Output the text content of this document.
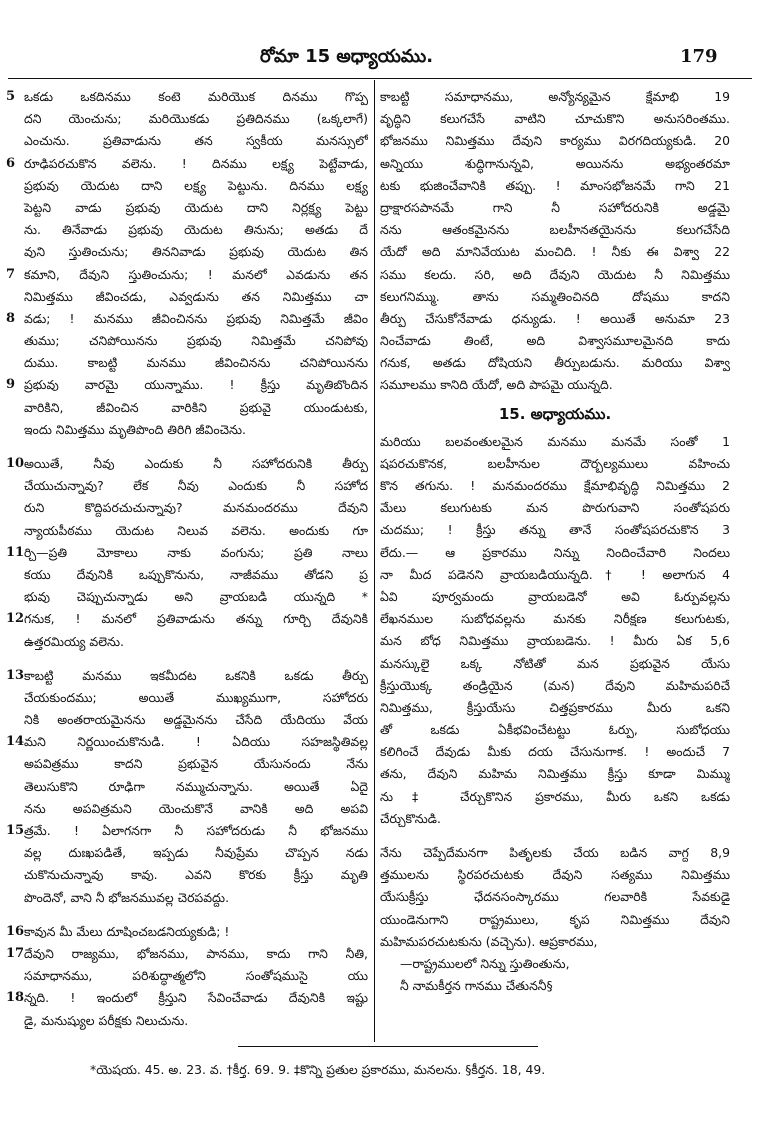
రోమా 15 అధ్యాయము.	179
5 ఒకడు ఒకదినము కంటె మరియొక దినము గొప్ప
దని యెంచును; మరియొకడు ప్రతిదినము (ఒక్కలాగే)
ఎంచును. ప్రతివాడును తన స్వకీయ మనస్సులో
6 రూఢిపరచుకొన వలెను. ! దినము లక్ష్య పెట్టేవాడు,
ప్రభువు యెదుట దాని లక్ష్య పెట్టును. దినము లక్ష్య
పెట్టని వాడు ప్రభువు యెదుట దాని నిర్లక్ష్య పెట్టు
ను. తినేవాడు ప్రభువు యెదుట తినును; అతడు దే
వుని స్తుతించును; తిననివాడు ప్రభువు యెదుట తిన
7 కమాని, దేవుని స్తుతించును; ! మనలో ఎవడును తన
నిమిత్తము జీవించడు, ఎవ్వడును తన నిమిత్తము చా
8 వడు; ! మనము జీవించినను ప్రభువు నిమిత్తమే జీవిం
తుము; చనిపోయినను ప్రభువు నిమిత్తమే చనిపోవు
దుము. కాబట్టి మనము జీవించినను చనిపోయినను
9 ప్రభువు వారమై యున్నాము. ! క్రీస్తు మృతిబొందిన
వారికిని, జీవించిన వారికిని ప్రభువై యుండుటకు,
ఇందు నిమిత్తము మృతిపొంది తిరిగి జీవించెను.
10 అయితే, నీవు ఎందుకు నీ సహోదరునికి తీర్పు
చేయుచున్నావు? లేక నీవు ఎందుకు నీ సహోద
రుని కొద్దిపరచుచున్నావు? మనమందరము దేవుని
న్యాయపీఠము యెదుట నిలువ వలెను. అందుకు గూ
11 ర్చి—ప్రతి మోకాలు నాకు వంగును; ప్రతి నాలు
కయు దేవునికి ఒప్పుకొనును, నాజీవము తోడని ప్ర
భువు చెప్పుచున్నాడు అని వ్రాయబడి యున్నది *
12 గనుక, ! మనలో ప్రతివాడును తన్ను గూర్చి దేవునికి
ఉత్తరమియ్య వలెను.
13 కాబట్టి మనము ఇకమీదట ఒకనికి ఒకడు తీర్పు
చేయకుందము; అయితే ముఖ్యముగా, సహోదరు
నికి అంతరాయమైనను అడ్డమైనను చేసేది యేదియు వేయ
14 మని నిర్ణయించుకొనుడి. ! ఏదియు సహజస్థితివల్ల
అపవిత్రము కాదని ప్రభువైన యేసునందు నేను
తెలుసుకొని రూఢిగా నమ్ముచున్నాను. అయితే ఏదై
నను అపవిత్రమని యెంచుకొనే వానికి అది అపవి
15 త్రమే. ! ఏలాగనగా నీ సహోదరుడు నీ భోజనము
వల్ల దుఃఖపడితే, ఇప్పడు నీవుప్రేమ చొప్పన నడు
చుకొనుచున్నావు కావు. ఎవని కొరకు క్రీస్తు మృతి
పొందెనో, వాని నీ భోజనమువల్ల చెరపవద్దు.
16 కావున మీ మేలు దూషించబడనియ్యకుడి; !
17 దేవుని రాజ్యము, భోజనము, పానము, కాదు గాని నీతి,
సమాధానము, పరిశుద్ధాత్మలోని సంతోషముసై యు
18 న్నది. ! ఇందులో క్రీస్తుని సేవించేవాడు దేవునికి ఇష్టు
డై, మనుష్యుల పరీక్షకు నిలుచును.
కాబట్టి సమాధానము, అన్యోన్యమైన క్షేమాభి 19
వృద్ధిని కలుగచేసే వాటిని చూచుకొని అనుసరింతము.
భోజనము నిమిత్తము దేవుని కార్యము విరగదియ్యకుడి. 20
అన్నియు శుద్ధిగానున్నవి, అయినను అభ్యంతరమా
టకు భుజించేవానికి తప్పు. ! మాంసభోజనమే గాని 21
ద్రాక్షారసపానమే గాని నీ సహోదరునికి అడ్డమై
నను ఆతంకమైనను బలహీనతయైనను కలుగచేసేది
యేదో అది మానివేయుట మంచిది. ! నీకు ఈ విశ్వా 22
సము కలదు. సరి, అది దేవుని యెదుట నీ నిమిత్తము
కలుగనిమ్ము. తాను సమ్మతించినది దోషము కాదని
తీర్పు చేసుకోనేవాడు ధన్యుడు. ! అయితే అనుమా 23
నించేవాడు తింటే, అది విశ్వాసమూలమైనది కాదు
గనుక, అతడు దోషియని తీర్పుబడును. మరియు విశ్వా
సమూలము కానిది యేదో, అది పాపమై యున్నది.
15. అధ్యాయము.
మరియు బలవంతులమైన మనము మనమే సంతో 1
షపరచుకొనక, బలహీనుల దౌర్బల్యములు వహించు
కొన తగును. ! మనమందరము క్షేమాభివృద్ధి నిమిత్తము 2
మేలు కలుగుటకు మన పొరుగువాని సంతోషపరు
చుదము; ! క్రీస్తు తన్ను తానే సంతోషపరచుకొన 3
లేదు.— ఆ ప్రకారము నిన్ను నిందించేవారి నిందలు
నా మీద పడెనని వ్రాయబడియున్నది.† ! అలాగున 4
ఏవి పూర్వమందు వ్రాయబడెనో అవి ఓర్పువల్లను
లేఖనముల సుబోధవల్లను మనకు నిరీక్షణ కలుగుటకు,
మన బోధ నిమిత్తము వ్రాయబడెను. ! మీరు ఏక 5,6
మనస్కులై ఒక్క నోటితో మన ప్రభువైన యేసు
క్రీస్తుయొక్క తండ్రియైన (మన) దేవుని మహిమపరిచే
నిమిత్తము, క్రీస్తుయేసు చిత్తప్రకారము మీరు ఒకని
తో ఒకడు ఏకీభవించేటట్టు ఓర్పు, సుబోధయు
కలిగించే దేవుడు మీకు దయ చేసునుగాక. ! అందుచే 7
తను, దేవుని మహిమ నిమిత్తము క్రీస్తు కూడా మిమ్ము
ను‡ చేర్చుకొనిన ప్రకారము, మీరు ఒకని ఒకడు
చేర్చుకొనుడి.
నేను చెప్పేదేమనగా పితృలకు చేయ బడిన వాగ్ద 8,9
త్తములను స్థిరపరచుటకు దేవుని సత్యము నిమిత్తము
యేసుక్రీస్తు ఛేదనసంస్కారము గలవారికి సేవకుడై
యుండెనుగాని రాష్ట్రములు, కృప నిమిత్తము దేవుని
మహిమపరచుటకును (వచ్చెను). ఆప్రకారము,
—రాష్ట్రములలో నిన్ను స్తుతింతును,
నీ నామకీర్తన గానము చేతుననీ§
*యెషయ. 45. అ. 23. వ. †కీర్త. 69. 9. ‡కొన్ని ప్రతుల ప్రకారము, మనలను. §కీర్తన. 18, 49.
